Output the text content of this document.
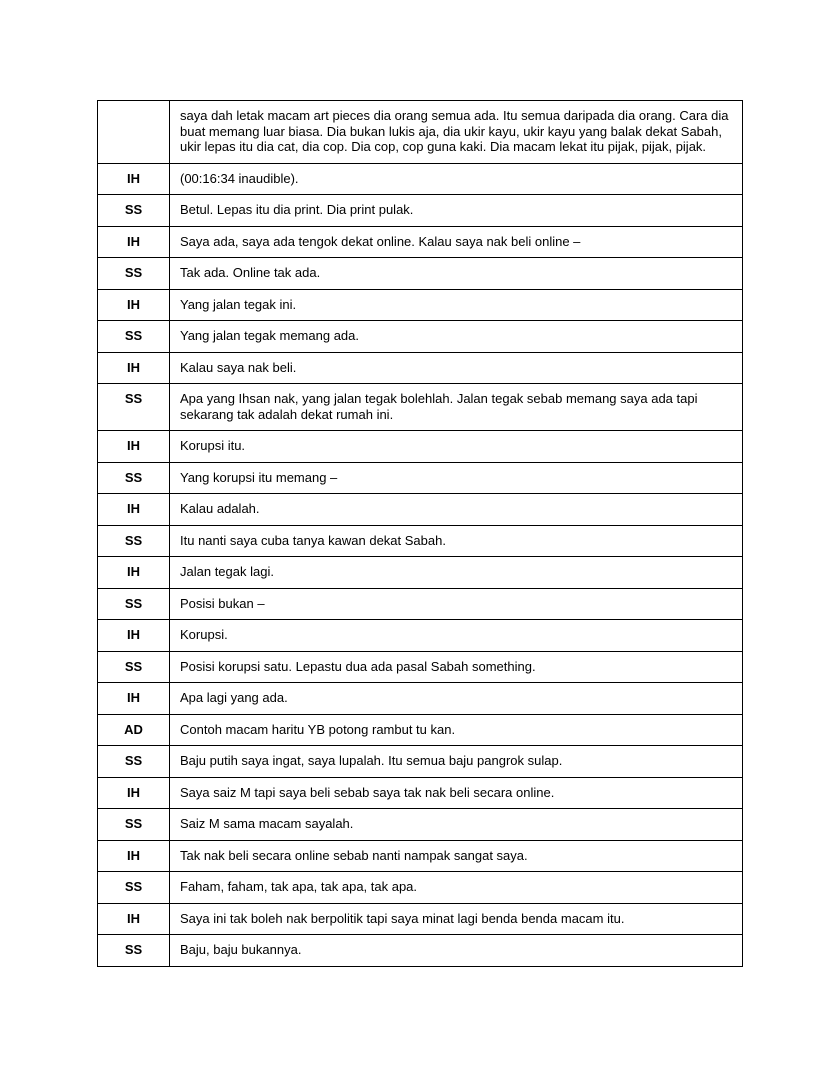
	saya dah letak macam art pieces dia orang semua ada. Itu semua daripada dia orang. Cara dia buat memang luar biasa. Dia bukan lukis aja, dia ukir kayu, ukir kayu yang balak dekat Sabah, ukir lepas itu dia cat, dia cop. Dia cop, cop guna kaki. Dia macam lekat itu pijak, pijak, pijak.
IH	(00:16:34 inaudible).
SS	Betul. Lepas itu dia print. Dia print pulak.
IH	Saya ada, saya ada tengok dekat online. Kalau saya nak beli online –
SS	Tak ada. Online tak ada.
IH	Yang jalan tegak ini.
SS	Yang jalan tegak memang ada.
IH	Kalau saya nak beli.
SS	Apa yang Ihsan nak, yang jalan tegak bolehlah. Jalan tegak sebab memang saya ada tapi sekarang tak adalah dekat rumah ini.
IH	Korupsi itu.
SS	Yang korupsi itu memang –
IH	Kalau adalah.
SS	Itu nanti saya cuba tanya kawan dekat Sabah.
IH	Jalan tegak lagi.
SS	Posisi bukan –
IH	Korupsi.
SS	Posisi korupsi satu. Lepastu dua ada pasal Sabah something.
IH	Apa lagi yang ada.
AD	Contoh macam haritu YB potong rambut tu kan.
SS	Baju putih saya ingat, saya lupalah. Itu semua baju pangrok sulap.
IH	Saya saiz M tapi saya beli sebab saya tak nak beli secara online.
SS	Saiz M sama macam sayalah.
IH	Tak nak beli secara online sebab nanti nampak sangat saya.
SS	Faham, faham, tak apa, tak apa, tak apa.
IH	Saya ini tak boleh nak berpolitik tapi saya minat lagi benda benda macam itu.
SS	Baju, baju bukannya.
